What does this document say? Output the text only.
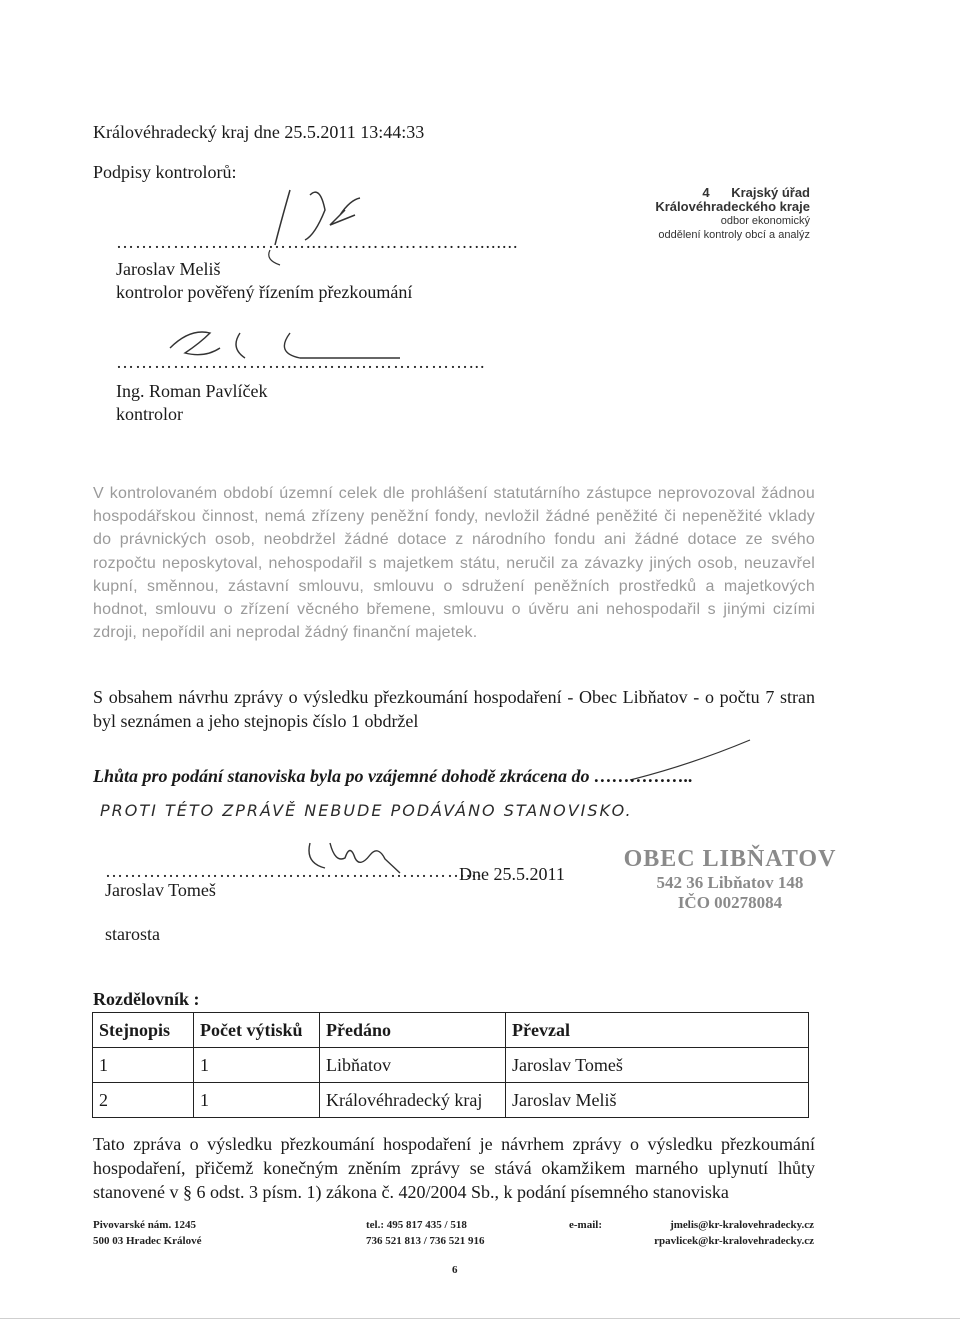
Královéhradecký kraj dne 25.5.2011 13:44:33
Podpisy kontrolorů:
…………………………...……………………........
Jaroslav Meliš
kontrolor pověřený řízením přezkoumání
4 Krajský úřad
Královéhradeckého kraje
odbor ekonomický
oddělení kontroly obcí a analýz
………………………..………………………...
Ing. Roman Pavlíček
kontrolor
V kontrolovaném období územní celek dle prohlášení statutárního zástupce neprovozoval žádnou hospodářskou činnost, nemá zřízeny peněžní fondy, nevložil žádné peněžité či nepeněžité vklady do právnických osob, neobdržel žádné dotace z národního fondu ani žádné dotace ze svého rozpočtu neposkytoval, nehospodařil s majetkem státu, neručil za závazky jiných osob, neuzavřel kupní, směnnou, zástavní smlouvu, smlouvu o sdružení peněžních prostředků a majetkových hodnot, smlouvu o zřízení věcného břemene, smlouvu o úvěru ani nehospodařil s jinými cizími zdroji, nepořídil ani neprodal žádný finanční majetek.
S obsahem návrhu zprávy o výsledku přezkoumání hospodaření - Obec Libňatov - o počtu 7 stran byl seznámen a jeho stejnopis číslo 1 obdržel
Lhůta pro podání stanoviska byla po vzájemné dohodě zkrácena do ……………..
PROTI TÉTO ZPRÁVĚ NEBUDE PODÁVÁNO STANOVISKO.
…………………………………………………...
Dne 25.5.2011
Jaroslav Tomeš
starosta
OBEC LIBŇATOV
542 36 Libňatov 148
IČO 00278084
Rozdělovník :
Stejnopis	Počet výtisků	Předáno	Převzal
1	1	Libňatov	Jaroslav Tomeš
2	1	Královéhradecký kraj	Jaroslav Meliš
Tato zpráva o výsledku přezkoumání hospodaření je návrhem zprávy o výsledku přezkoumání hospodaření, přičemž konečným zněním zprávy se stává okamžikem marného uplynutí lhůty stanovené v § 6 odst. 3 písm. 1) zákona č. 420/2004 Sb., k podání písemného stanoviska
Pivovarské nám. 1245
500 03 Hradec Králové
tel.: 495 817 435 / 518
736 521 813 / 736 521 916
e-mail:	jmelis@kr-kralovehradecky.cz
rpavlicek@kr-kralovehradecky.cz
6
